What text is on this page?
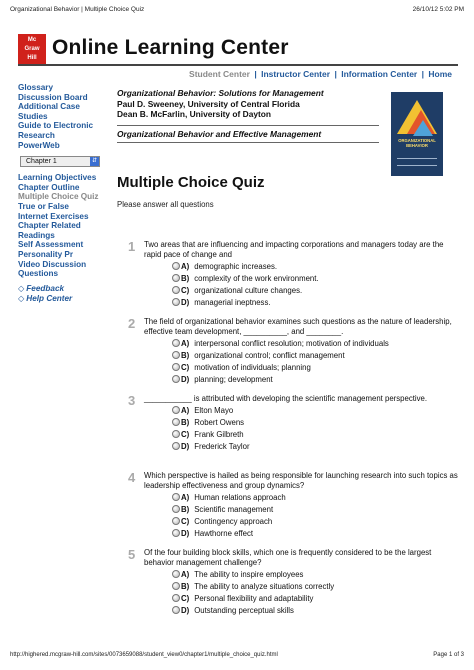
Organizational Behavior | Multiple Choice Quiz	26/10/12 5:02 PM
Mc
Graw
Hill Online Learning Center
Student Center | Instructor Center | Information Center | Home
Glossary
Discussion Board
Additional Case
Studies
Guide to Electronic
Research
PowerWeb
Chapter 1	⇵
Learning Objectives
Chapter Outline
Multiple Choice Quiz
True or False
Internet Exercises
Chapter Related
Readings
Self Assessment
Personality Pr
Video Discussion
Questions
◇ Feedback
◇ Help Center
Organizational Behavior: Solutions for Management
Paul D. Sweeney, University of Central Florida
Dean B. McFarlin, University of Dayton
Organizational Behavior and Effective Management
ORGANIZATIONAL BEHAVIOR
Multiple Choice Quiz
Please answer all questions
1 Two areas that are influencing and impacting corporations and managers today are the rapid pace of change and
A) demographic increases.
B) complexity of the work environment.
C) organizational culture changes.
D) managerial ineptness.
2 The field of organizational behavior examines such questions as the nature of leadership, effective team development, __________, and ________.
A) interpersonal conflict resolution; motivation of individuals
B) organizational control; conflict management
C) motivation of individuals; planning
D) planning; development
3 ___________ is attributed with developing the scientific management perspective.
A) Elton Mayo
B) Robert Owens
C) Frank Gilbreth
D) Frederick Taylor
4 Which perspective is hailed as being responsible for launching research into such topics as leadership effectiveness and group dynamics?
A) Human relations approach
B) Scientific management
C) Contingency approach
D) Hawthorne effect
5 Of the four building block skills, which one is frequently considered to be the largest behavior management challenge?
A) The ability to inspire employees
B) The ability to analyze situations correctly
C) Personal flexibility and adaptability
D) Outstanding perceptual skills
http://highered.mcgraw-hill.com/sites/0073659088/student_view0/chapter1/multiple_choice_quiz.html	Page 1 of 3
